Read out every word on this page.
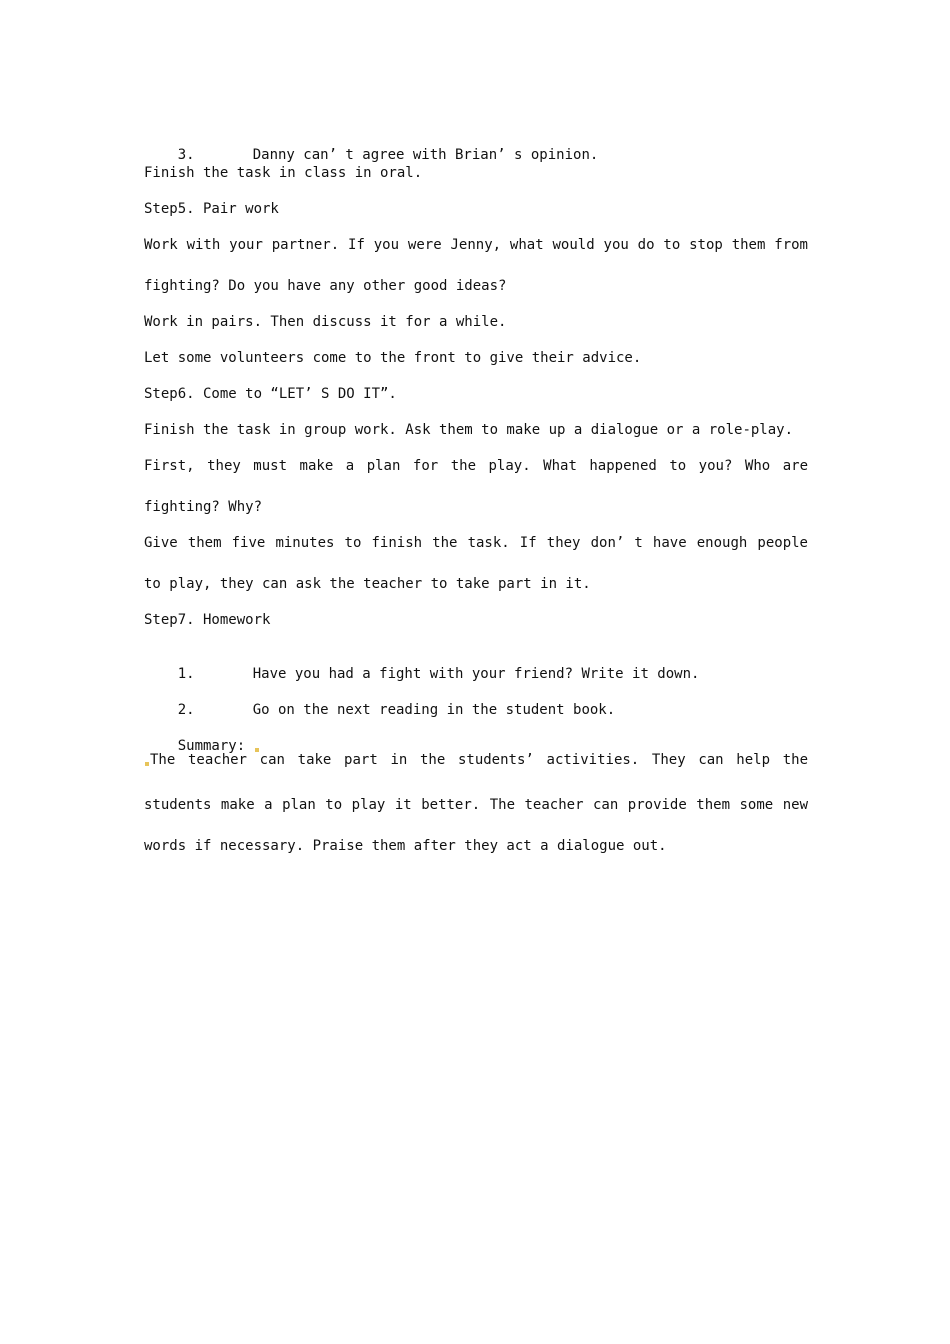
3.	Danny can’ t agree with Brian’ s opinion.

Finish the task in class in oral.
Step5. Pair work
Work with your partner. If you were Jenny, what would you do to stop them from
fighting? Do you have any other good ideas?
Work in pairs. Then discuss it for a while.
Let some volunteers come to the front to give their advice.
Step6. Come to “LET’ S DO IT”.
Finish the task in group work. Ask them to make up a dialogue or a role-play.
First, they must make a plan for the play. What happened to you? Who are
fighting? Why?
Give them five minutes to finish the task. If they don’ t have enough people
to play, they can ask the teacher to take part in it.
Step7. Homework

1.	Have you had a fight with your friend? Write it down.

2.	Go on the next reading in the student book.

Summary:

The teacher can take part in the students’ activities. They can help the
students make a plan to play it better. The teacher can provide them some new
words if necessary. Praise them after they act a dialogue out.
